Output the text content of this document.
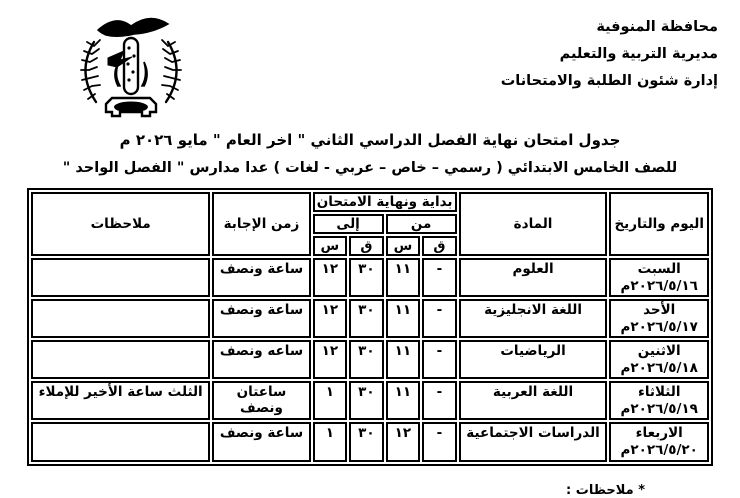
محافظة المنوفية
مديرية التربية والتعليم
إدارة شئون الطلبة والامتحانات
جدول امتحان نهاية الفصل الدراسي الثاني " اخر العام " مايو ٢٠٢٦ م
للصف الخامس الابتدائي ( رسمي – خاص – عربي - لغات ) عدا مدارس " الفصل الواحد "
اليوم والتاريخ	المادة	بداية ونهاية الامتحان				زمن الإجابة	ملاحظات
		من		إلى			
		ق	س	ق	س		

السبت
٢٠٢٦/٥/١٦م	العلوم	-	١١	٣٠	١٢	ساعة ونصف	

الأحد
٢٠٢٦/٥/١٧م	اللغة الانجليزية	-	١١	٣٠	١٢	ساعة ونصف	

الاثنين
٢٠٢٦/٥/١٨م	الرياضيات	-	١١	٣٠	١٢	ساعه ونصف	

الثلاثاء
٢٠٢٦/٥/١٩م	اللغة العربية	-	١١	٣٠	١	ساعتان ونصف	الثلث ساعة الأخير للإملاء

الاربعاء
٢٠٢٦/٥/٢٠م	الدراسات الاجتماعية	-	١٢	٣٠	١	ساعة ونصف	
* ملاحظات :
